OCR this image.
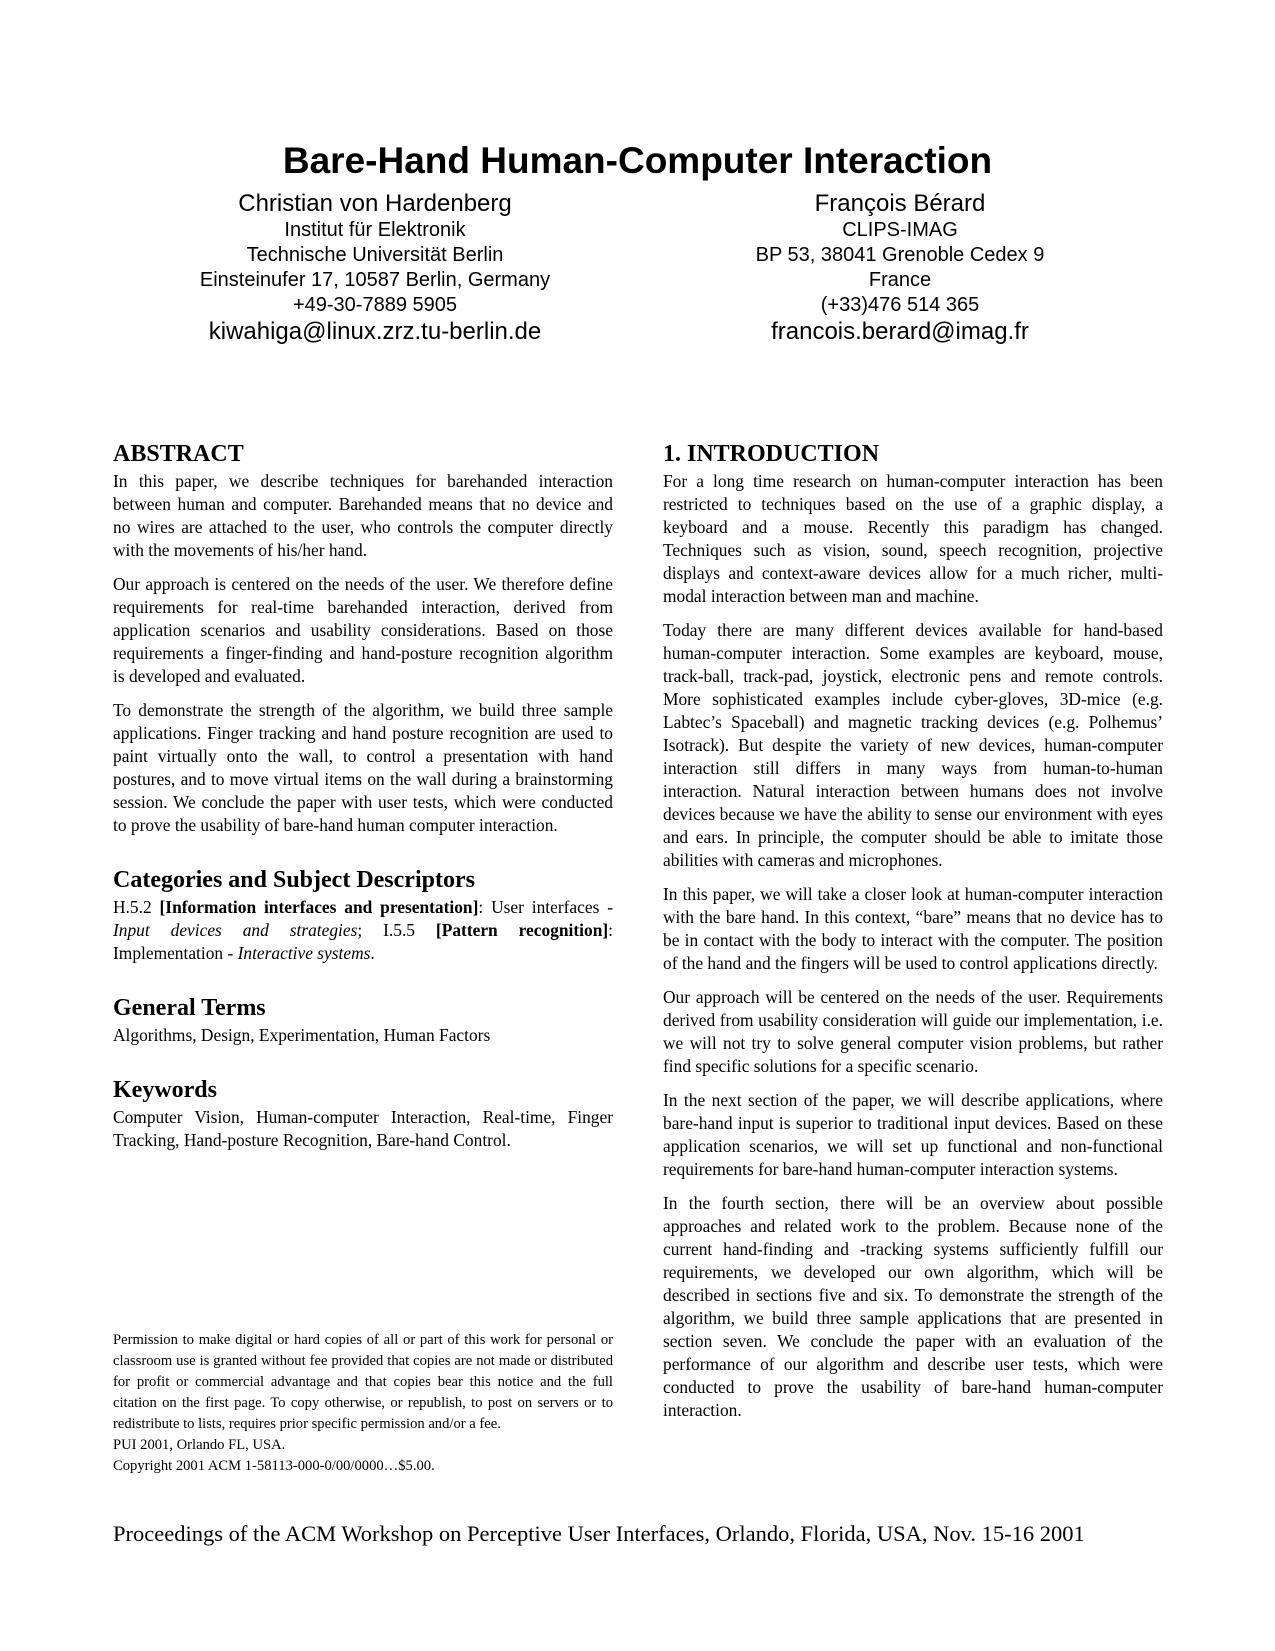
Bare-Hand Human-Computer Interaction
Christian von Hardenberg
Institut für Elektronik
Technische Universität Berlin
Einsteinufer 17, 10587 Berlin, Germany
+49-30-7889 5905
kiwahiga@linux.zrz.tu-berlin.de
François Bérard
CLIPS-IMAG
BP 53, 38041 Grenoble Cedex 9
France
(+33)476 514 365
francois.berard@imag.fr
ABSTRACT

In this paper, we describe techniques for barehanded interaction between human and computer. Barehanded means that no device and no wires are attached to the user, who controls the computer directly with the movements of his/her hand.

Our approach is centered on the needs of the user. We therefore define requirements for real-time barehanded interaction, derived from application scenarios and usability considerations. Based on those requirements a finger-finding and hand-posture recognition algorithm is developed and evaluated.

To demonstrate the strength of the algorithm, we build three sample applications. Finger tracking and hand posture recognition are used to paint virtually onto the wall, to control a presentation with hand postures, and to move virtual items on the wall during a brainstorming session. We conclude the paper with user tests, which were conducted to prove the usability of bare-hand human computer interaction.

Categories and Subject Descriptors

H.5.2 [Information interfaces and presentation]: User interfaces -Input devices and strategies; I.5.5 [Pattern recognition]: Implementation - Interactive systems.

General Terms

Algorithms, Design, Experimentation, Human Factors

Keywords

Computer Vision, Human-computer Interaction, Real-time, Finger Tracking, Hand-posture Recognition, Bare-hand Control.

Permission to make digital or hard copies of all or part of this work for personal or classroom use is granted without fee provided that copies are not made or distributed for profit or commercial advantage and that copies bear this notice and the full citation on the first page. To copy otherwise, or republish, to post on servers or to redistribute to lists, requires prior specific permission and/or a fee.

PUI 2001, Orlando FL, USA.

Copyright 2001 ACM 1-58113-000-0/00/0000…$5.00.

1. INTRODUCTION

For a long time research on human-computer interaction has been restricted to techniques based on the use of a graphic display, a keyboard and a mouse. Recently this paradigm has changed. Techniques such as vision, sound, speech recognition, projective displays and context-aware devices allow for a much richer, multi-modal interaction between man and machine.

Today there are many different devices available for hand-based human-computer interaction. Some examples are keyboard, mouse, track-ball, track-pad, joystick, electronic pens and remote controls. More sophisticated examples include cyber-gloves, 3D-mice (e.g. Labtec’s Spaceball) and magnetic tracking devices (e.g. Polhemus’ Isotrack). But despite the variety of new devices, human-computer interaction still differs in many ways from human-to-human interaction. Natural interaction between humans does not involve devices because we have the ability to sense our environment with eyes and ears. In principle, the computer should be able to imitate those abilities with cameras and microphones.

In this paper, we will take a closer look at human-computer interaction with the bare hand. In this context, “bare” means that no device has to be in contact with the body to interact with the computer. The position of the hand and the fingers will be used to control applications directly.

Our approach will be centered on the needs of the user. Requirements derived from usability consideration will guide our implementation, i.e. we will not try to solve general computer vision problems, but rather find specific solutions for a specific scenario.

In the next section of the paper, we will describe applications, where bare-hand input is superior to traditional input devices. Based on these application scenarios, we will set up functional and non-functional requirements for bare-hand human-computer interaction systems.

In the fourth section, there will be an overview about possible approaches and related work to the problem. Because none of the current hand-finding and -tracking systems sufficiently fulfill our requirements, we developed our own algorithm, which will be described in sections five and six. To demonstrate the strength of the algorithm, we build three sample applications that are presented in section seven. We conclude the paper with an evaluation of the performance of our algorithm and describe user tests, which were conducted to prove the usability of bare-hand human-computer interaction.

Proceedings of the ACM Workshop on Perceptive User Interfaces, Orlando, Florida, USA, Nov. 15-16 2001
